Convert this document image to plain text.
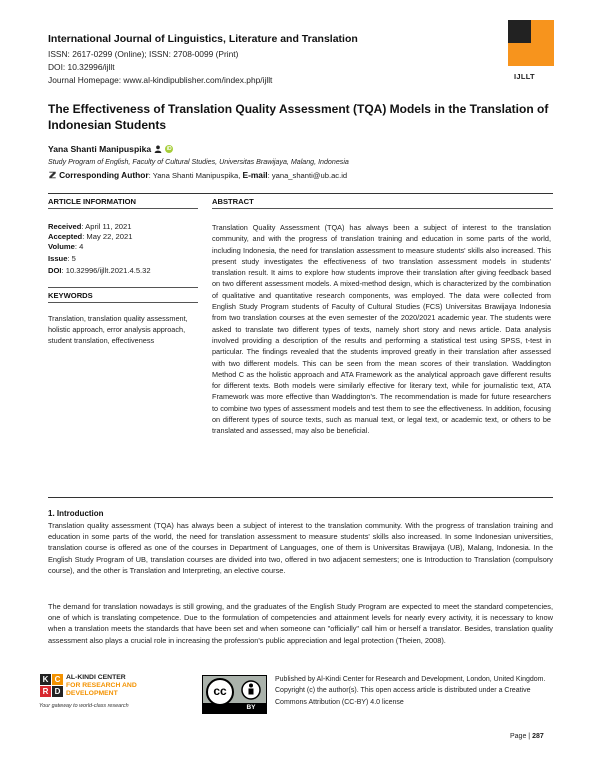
International Journal of Linguistics, Literature and Translation
ISSN: 2617-0299 (Online); ISSN: 2708-0099 (Print)
DOI: 10.32996/ijllt
Journal Homepage: www.al-kindipublisher.com/index.php/ijllt	IJLLT
The Effectiveness of Translation Quality Assessment (TQA) Models in the Translation of Indonesian Students
Yana Shanti Manipuspika	iD
Study Program of English, Faculty of Cultural Studies, Universitas Brawijaya, Malang, Indonesia
Corresponding Author: Yana Shanti Manipuspika, E-mail: yana_shanti@ub.ac.id
ARTICLE INFORMATION	ABSTRACT
Received: April 11, 2021
Accepted: May 22, 2021
Volume: 4
Issue: 5
DOI: 10.32996/ijllt.2021.4.5.32
KEYWORDS
Translation, translation quality assessment, holistic approach, error analysis approach, student translation, effectiveness
Translation Quality Assessment (TQA) has always been a subject of interest to the translation community, and with the progress of translation training and education in some parts of the world, including Indonesia, the need for translation assessment to measure students' skills also increased. This present study investigates the effectiveness of two translation assessment models in students' translation result. It aims to explore how students improve their translation after giving feedback based on two different assessment models. A mixed-method design, which is characterized by the combination of qualitative and quantitative research components, was employed. The data were collected from English Study Program students of Faculty of Cultural Studies (FCS) Universitas Brawijaya Indonesia from two translation courses at the even semester of the 2020/2021 academic year. The students were asked to translate two different types of texts, namely short story and news article. Data analysis involved providing a description of the results and performing a statistical test using SPSS, t-test in particular. The findings revealed that the students improved greatly in their translation after assessed with two different models. This can be seen from the mean scores of their translation. Waddington Method C as the holistic approach and ATA Framework as the analytical approach gave different results for different texts. Both models were similarly effective for literary text, while for journalistic text, ATA Framework was more effective than Waddington's. The recommendation is made for future researchers to combine two types of assessment models and test them to see the effectiveness. In addition, focusing on different types of source texts, such as manual text, or legal text, or academic text, or others to be translated and assessed, may also be beneficial.
1. Introduction
Translation quality assessment (TQA) has always been a subject of interest to the translation community. With the progress of translation training and education in some parts of the world, the need for translation assessment to measure students' skills also increased. In some Indonesian universities, translation course is offered as one of the courses in Department of Languages, one of them is Universitas Brawijaya (UB), Malang, Indonesia. In the English Study Program of UB, translation courses are divided into two, offered in two adjacent semesters; one is Introduction to Translation (compulsory course), and the other is Translation and Interpreting, an elective course.
The demand for translation nowadays is still growing, and the graduates of the English Study Program are expected to meet the standard competencies, one of which is translating competence. Due to the formulation of competencies and attainment levels for nearly every activity, it is necessary to know when a translation meets the standards that have been set and when someone can "officially" call him or herself a translator. Besides, translation quality assessment also plays a crucial role in increasing the profession's public appreciation and legal protection (Theien, 2008).
K C
R D
AL-KINDI CENTER
FOR RESEARCH AND
DEVELOPMENT
Your gateway to world-class research
cc
BY
Published by Al-Kindi Center for Research and Development, London, United Kingdom. Copyright (c) the author(s). This open access article is distributed under a Creative Commons Attribution (CC-BY) 4.0 license
Page | 287
